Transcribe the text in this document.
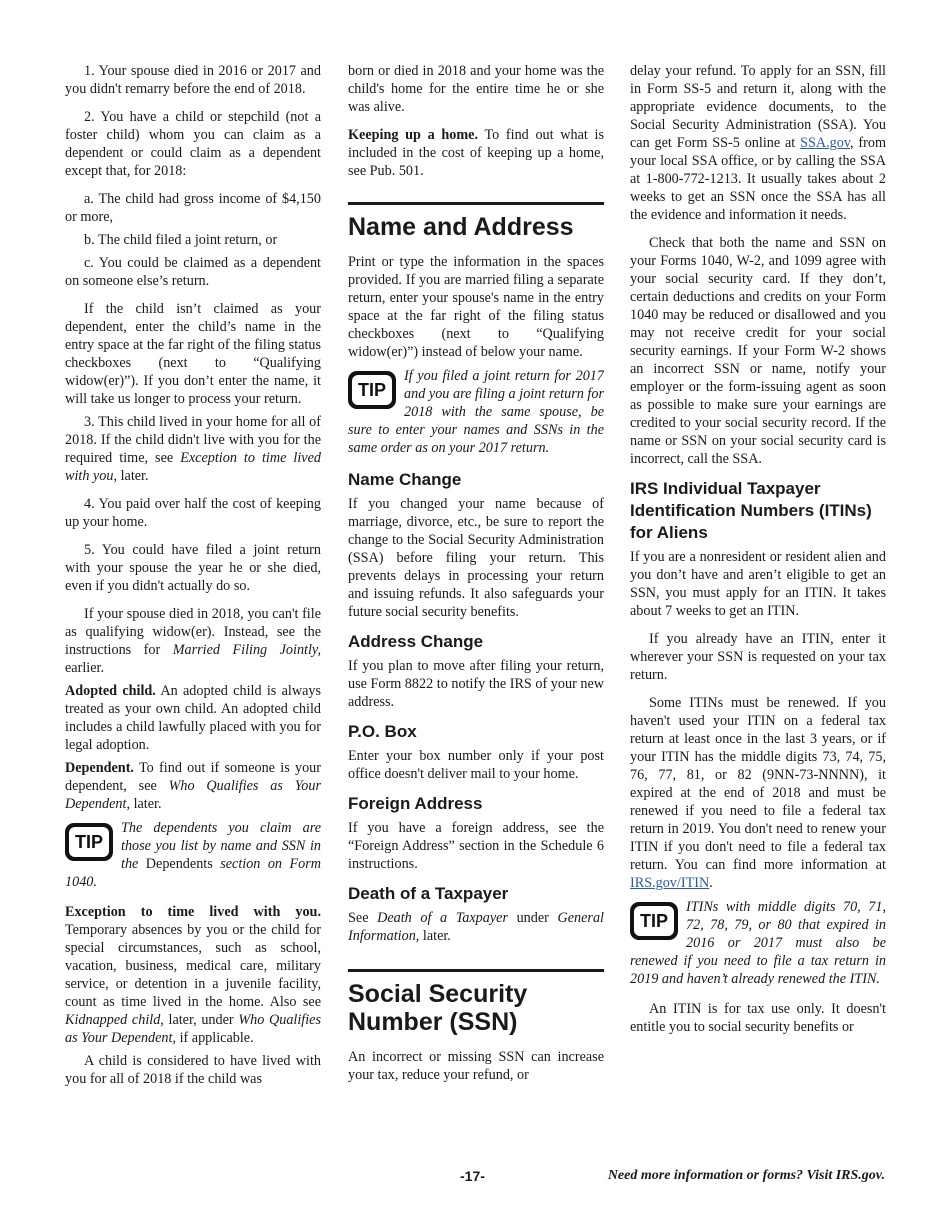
1. Your spouse died in 2016 or 2017 and you didn't remarry before the end of 2018.

2. You have a child or stepchild (not a foster child) whom you can claim as a dependent or could claim as a dependent except that, for 2018:

a. The child had gross income of $4,150 or more,

b. The child filed a joint return, or

c. You could be claimed as a dependent on someone else’s return.

If the child isn’t claimed as your dependent, enter the child’s name in the entry space at the far right of the filing status checkboxes (next to “Qualifying widow(er)”). If you don’t enter the name, it will take us longer to process your return.

3. This child lived in your home for all of 2018. If the child didn't live with you for the required time, see Exception to time lived with you, later.

4. You paid over half the cost of keeping up your home.

5. You could have filed a joint return with your spouse the year he or she died, even if you didn't actually do so.

If your spouse died in 2018, you can't file as qualifying widow(er). Instead, see the instructions for Married Filing Jointly, earlier.

Adopted child. An adopted child is always treated as your own child. An adopted child includes a child lawfully placed with you for legal adoption.

Dependent. To find out if someone is your dependent, see Who Qualifies as Your Dependent, later.

TIP
The dependents you claim are those you list by name and SSN in the Dependents section on Form 1040.

Exception to time lived with you. Temporary absences by you or the child for special circumstances, such as school, vacation, business, medical care, military service, or detention in a juvenile facility, count as time lived in the home. Also see Kidnapped child, later, under Who Qualifies as Your Dependent, if applicable.

A child is considered to have lived with you for all of 2018 if the child was

born or died in 2018 and your home was the child's home for the entire time he or she was alive.

Keeping up a home. To find out what is included in the cost of keeping up a home, see Pub. 501.

Name and Address

Print or type the information in the spaces provided. If you are married filing a separate return, enter your spouse's name in the entry space at the far right of the filing status checkboxes (next to “Qualifying widow(er)”) instead of below your name.

TIP
If you filed a joint return for 2017 and you are filing a joint return for 2018 with the same spouse, be sure to enter your names and SSNs in the same order as on your 2017 return.
Name Change

If you changed your name because of marriage, divorce, etc., be sure to report the change to the Social Security Administration (SSA) before filing your return. This prevents delays in processing your return and issuing refunds. It also safeguards your future social security benefits.

Address Change

If you plan to move after filing your return, use Form 8822 to notify the IRS of your new address.

P.O. Box

Enter your box number only if your post office doesn't deliver mail to your home.

Foreign Address

If you have a foreign address, see the “Foreign Address” section in the Schedule 6 instructions.

Death of a Taxpayer

See Death of a Taxpayer under General Information, later.

Social Security Number (SSN)

An incorrect or missing SSN can increase your tax, reduce your refund, or

delay your refund. To apply for an SSN, fill in Form SS-5 and return it, along with the appropriate evidence documents, to the Social Security Administration (SSA). You can get Form SS-5 online at SSA.gov, from your local SSA office, or by calling the SSA at 1-800-772-1213. It usually takes about 2 weeks to get an SSN once the SSA has all the evidence and information it needs.

Check that both the name and SSN on your Forms 1040, W-2, and 1099 agree with your social security card. If they don’t, certain deductions and credits on your Form 1040 may be reduced or disallowed and you may not receive credit for your social security earnings. If your Form W-2 shows an incorrect SSN or name, notify your employer or the form-issuing agent as soon as possible to make sure your earnings are credited to your social security record. If the name or SSN on your social security card is incorrect, call the SSA.

IRS Individual Taxpayer Identification Numbers (ITINs) for Aliens

If you are a nonresident or resident alien and you don’t have and aren’t eligible to get an SSN, you must apply for an ITIN. It takes about 7 weeks to get an ITIN.

If you already have an ITIN, enter it wherever your SSN is requested on your tax return.

Some ITINs must be renewed. If you haven't used your ITIN on a federal tax return at least once in the last 3 years, or if your ITIN has the middle digits 73, 74, 75, 76, 77, 81, or 82 (9NN-73-NNNN), it expired at the end of 2018 and must be renewed if you need to file a federal tax return in 2019. You don't need to renew your ITIN if you don't need to file a federal tax return. You can find more information at IRS.gov/ITIN.

TIP
ITINs with middle digits 70, 71, 72, 78, 79, or 80 that expired in 2016 or 2017 must also be renewed if you need to file a tax return in 2019 and haven’t already renewed the ITIN.

An ITIN is for tax use only. It doesn't entitle you to social security benefits or

-17-	Need more information or forms? Visit IRS.gov.
